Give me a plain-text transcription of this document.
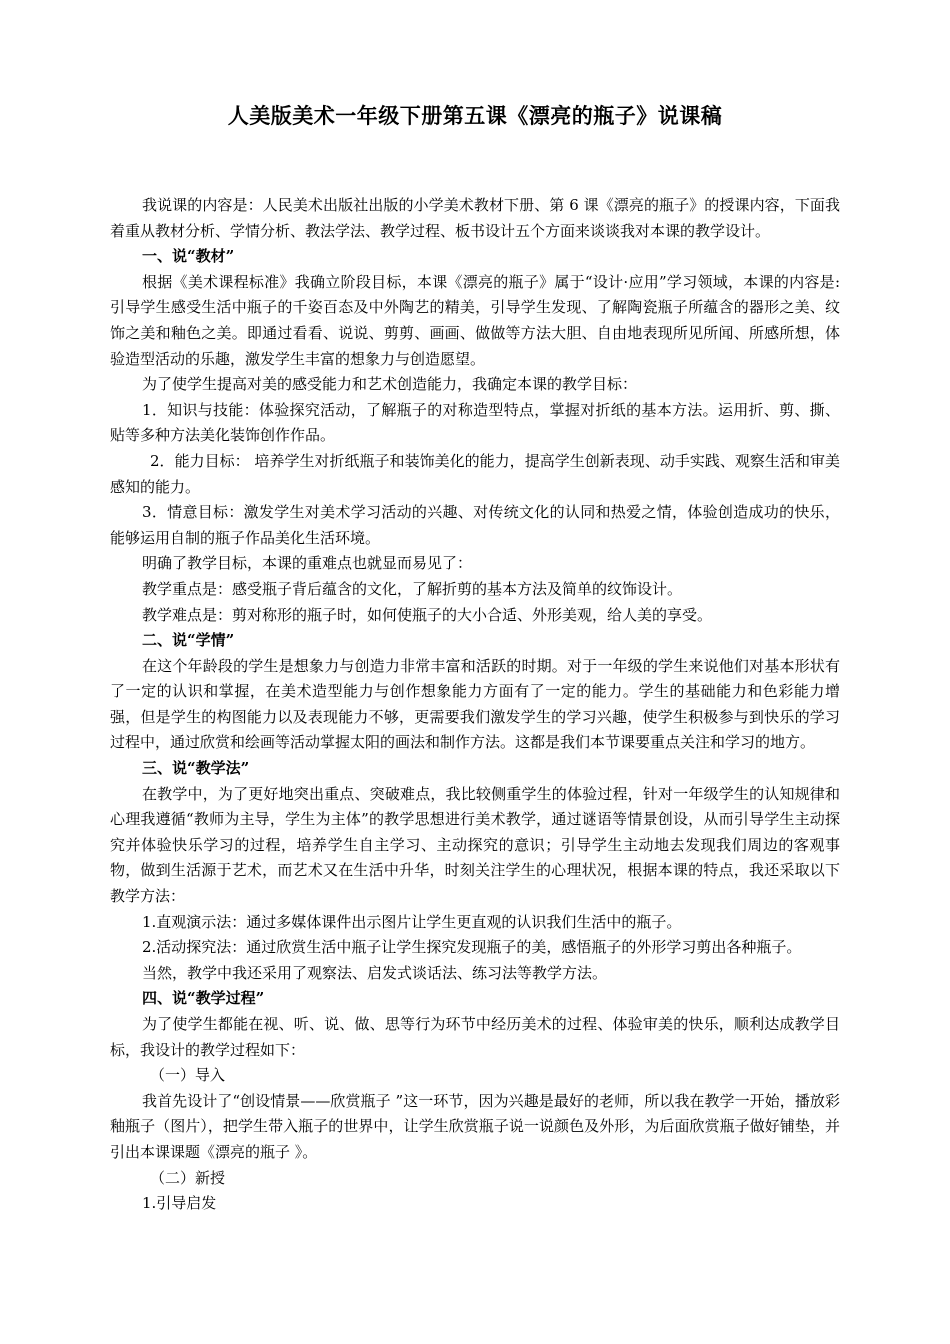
人美版美术一年级下册第五课《漂亮的瓶子》说课稿

我说课的内容是：人民美术出版社出版的小学美术教材下册、第 6 课《漂亮的瓶子》的授课内容，下面我着重从教材分析、学情分析、教法学法、教学过程、板书设计五个方面来谈谈我对本课的教学设计。

一、说“教材”

根据《美术课程标准》我确立阶段目标，本课《漂亮的瓶子》属于“设计·应用”学习领域，本课的内容是:引导学生感受生活中瓶子的千姿百态及中外陶艺的精美，引导学生发现、了解陶瓷瓶子所蕴含的器形之美、纹饰之美和釉色之美。即通过看看、说说、剪剪、画画、做做等方法大胆、自由地表现所见所闻、所感所想，体验造型活动的乐趣，激发学生丰富的想象力与创造愿望。

为了使学生提高对美的感受能力和艺术创造能力，我确定本课的教学目标：

1．知识与技能：体验探究活动，了解瓶子的对称造型特点，掌握对折纸的基本方法。运用折、剪、撕、贴等多种方法美化装饰创作作品。

2．能力目标： 培养学生对折纸瓶子和装饰美化的能力，提高学生创新表现、动手实践、观察生活和审美感知的能力。

3．情意目标：激发学生对美术学习活动的兴趣、对传统文化的认同和热爱之情，体验创造成功的快乐，能够运用自制的瓶子作品美化生活环境。

明确了教学目标，本课的重难点也就显而易见了：

教学重点是：感受瓶子背后蕴含的文化，了解折剪的基本方法及简单的纹饰设计。

教学难点是：剪对称形的瓶子时，如何使瓶子的大小合适、外形美观，给人美的享受。

二、说“学情”

在这个年龄段的学生是想象力与创造力非常丰富和活跃的时期。对于一年级的学生来说他们对基本形状有了一定的认识和掌握，在美术造型能力与创作想象能力方面有了一定的能力。学生的基础能力和色彩能力增强，但是学生的构图能力以及表现能力不够，更需要我们激发学生的学习兴趣，使学生积极参与到快乐的学习过程中，通过欣赏和绘画等活动掌握太阳的画法和制作方法。这都是我们本节课要重点关注和学习的地方。

三、说“教学法”

在教学中，为了更好地突出重点、突破难点，我比较侧重学生的体验过程，针对一年级学生的认知规律和心理我遵循“教师为主导，学生为主体”的教学思想进行美术教学，通过谜语等情景创设，从而引导学生主动探究并体验快乐学习的过程，培养学生自主学习、主动探究的意识；引导学生主动地去发现我们周边的客观事物，做到生活源于艺术，而艺术又在生活中升华，时刻关注学生的心理状况，根据本课的特点，我还采取以下教学方法：

1.直观演示法：通过多媒体课件出示图片让学生更直观的认识我们生活中的瓶子。

2.活动探究法：通过欣赏生活中瓶子让学生探究发现瓶子的美，感悟瓶子的外形学习剪出各种瓶子。

当然，教学中我还采用了观察法、启发式谈话法、练习法等教学方法。

四、说“教学过程”

为了使学生都能在视、听、说、做、思等行为环节中经历美术的过程、体验审美的快乐，顺利达成教学目标，我设计的教学过程如下：

（一）导入

我首先设计了“创设情景——欣赏瓶子 ”这一环节，因为兴趣是最好的老师，所以我在教学一开始，播放彩釉瓶子（图片），把学生带入瓶子的世界中，让学生欣赏瓶子说一说颜色及外形，为后面欣赏瓶子做好铺垫，并引出本课课题《漂亮的瓶子 》。

（二）新授

1.引导启发
